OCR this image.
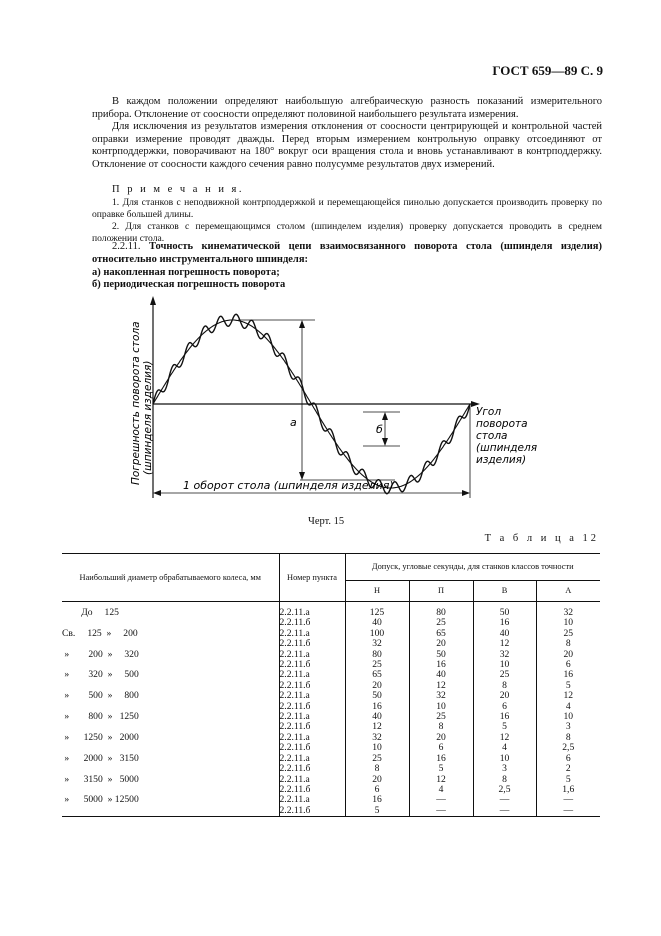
ГОСТ 659—89 С. 9

В каждом положении определяют наибольшую алгебраическую разность показаний измерительного прибора. Отклонение от соосности определяют половиной наибольшего результата измерения.

Для исключения из результатов измерения отклонения от соосности центрирующей и контрольной частей оправки измерение проводят дважды. Перед вторым измерением контрольную оправку отсоединяют от контрподдержки, поворачивают на 180° вокруг оси вращения стола и вновь устанавливают в контрподдержку. Отклонение от соосности каждого сечения равно полусумме результатов двух измерений.

П р и м е ч а н и я.

1. Для станков с неподвижной контрподдержкой и перемещающейся пинолью допускается производить проверку по оправке большей длины.

2. Для станков с перемещающимся столом (шпинделем изделия) проверку допускается проводить в среднем положении стола.

2.2.11. Точность кинематической цепи взаимосвязанного поворота стола (шпинделя изделия) относительно инструментального шпинделя:
а) накопленная погрешность поворота;
б) периодическая погрешность поворота
а
б
Погрешность поворота стола (шпинделя изделия)	Угол
поворота
стола
(шпинделя
изделия)
1 оборот стола (шпинделя изделия)
Черт. 15
Т а б л и ц а 12
Наибольший диаметр обрабатываемого колеса, мм	Номер пункта	Допуск, угловые секунды, для станков классов точности			
		Н	П	В	А
До     125	2.2.11.а	125	80	50	32
	2.2.11.б	40	25	16	10
Св.     125  »     200	2.2.11.а	100	65	40	25
	2.2.11.б	32	20	12	8
»        200  »     320	2.2.11.а	80	50	32	20
	2.2.11.б	25	16	10	6
»        320  »     500	2.2.11.а	65	40	25	16
	2.2.11.б	20	12	8	5
»        500  »     800	2.2.11.а	50	32	20	12
	2.2.11.б	16	10	6	4
»        800  »   1250	2.2.11.а	40	25	16	10
	2.2.11.б	12	8	5	3
»      1250  »   2000	2.2.11.а	32	20	12	8
	2.2.11.б	10	6	4	2,5
»      2000  »   3150	2.2.11.а	25	16	10	6
	2.2.11.б	8	5	3	2
»      3150  »   5000	2.2.11.а	20	12	8	5
	2.2.11.б	6	4	2,5	1,6
»      5000  » 12500	2.2.11.а	16	—	—	—
	2.2.11.б	5	—	—	—
